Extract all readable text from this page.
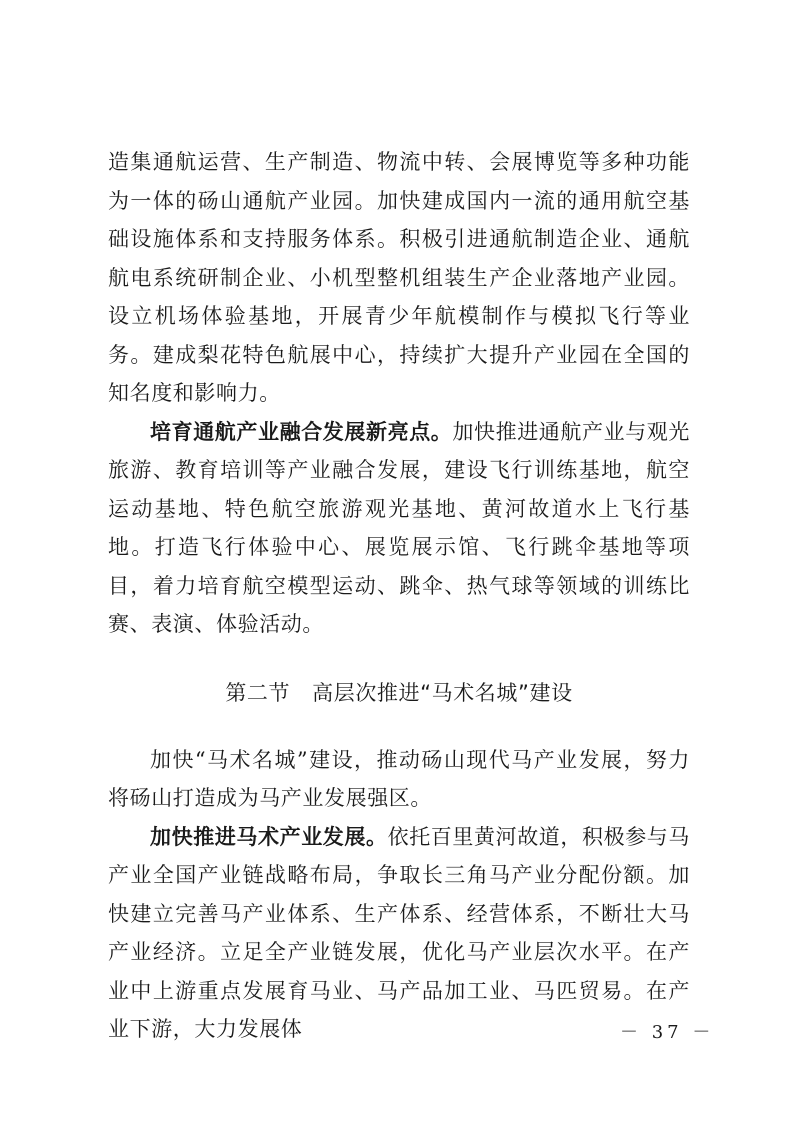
造集通航运营、生产制造、物流中转、会展博览等多种功能为一体的砀山通航产业园。加快建成国内一流的通用航空基础设施体系和支持服务体系。积极引进通航制造企业、通航航电系统研制企业、小机型整机组装生产企业落地产业园。设立机场体验基地，开展青少年航模制作与模拟飞行等业务。建成梨花特色航展中心，持续扩大提升产业园在全国的知名度和影响力。

培育通航产业融合发展新亮点。加快推进通航产业与观光旅游、教育培训等产业融合发展，建设飞行训练基地，航空运动基地、特色航空旅游观光基地、黄河故道水上飞行基地。打造飞行体验中心、展览展示馆、飞行跳伞基地等项目，着力培育航空模型运动、跳伞、热气球等领域的训练比赛、表演、体验活动。

第二节 高层次推进“马术名城”建设

加快“马术名城”建设，推动砀山现代马产业发展，努力将砀山打造成为马产业发展强区。

加快推进马术产业发展。依托百里黄河故道，积极参与马产业全国产业链战略布局，争取长三角马产业分配份额。加快建立完善马产业体系、生产体系、经营体系，不断壮大马产业经济。立足全产业链发展，优化马产业层次水平。在产业中上游重点发展育马业、马产品加工业、马匹贸易。在产业下游，大力发展体	－ 37 －
